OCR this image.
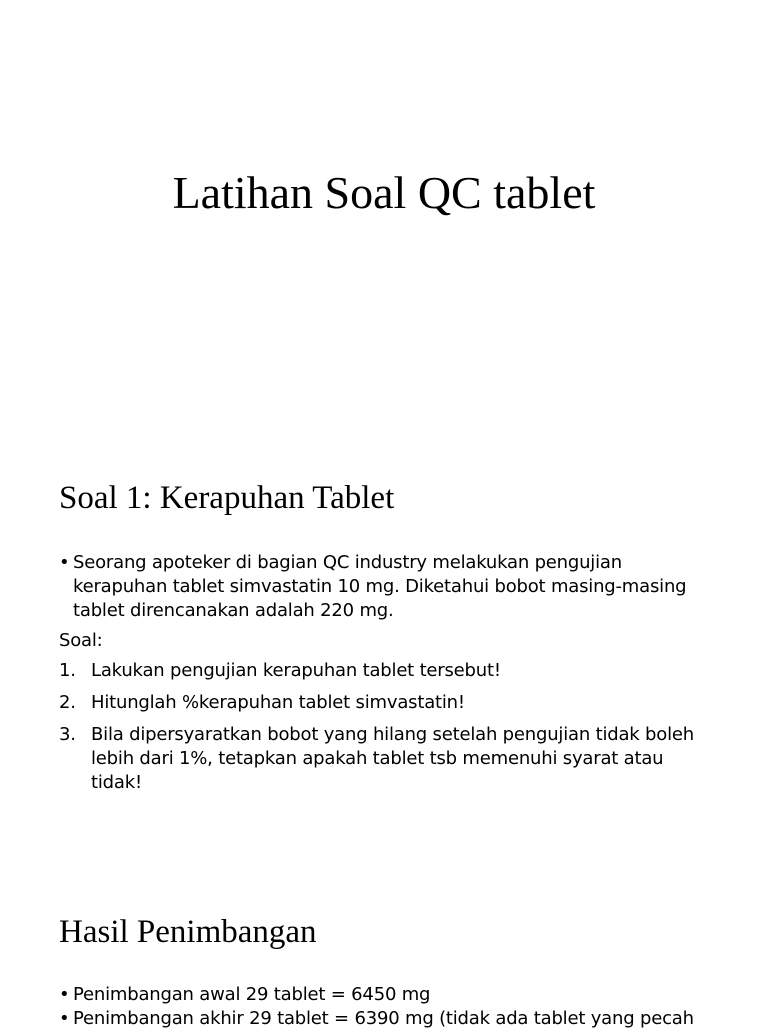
Latihan Soal QC tablet
Soal 1: Kerapuhan Tablet
• Seorang apoteker di bagian QC industry melakukan pengujian kerapuhan tablet simvastatin 10 mg. Diketahui bobot masing-masing tablet direncanakan adalah 220 mg.
Soal:
1. Lakukan pengujian kerapuhan tablet tersebut!
2. Hitunglah %kerapuhan tablet simvastatin!
3. Bila dipersyaratkan bobot yang hilang setelah pengujian tidak boleh lebih dari 1%, tetapkan apakah tablet tsb memenuhi syarat atau tidak!
Hasil Penimbangan
• Penimbangan awal 29 tablet = 6450 mg
• Penimbangan akhir 29 tablet = 6390 mg (tidak ada tablet yang pecah
